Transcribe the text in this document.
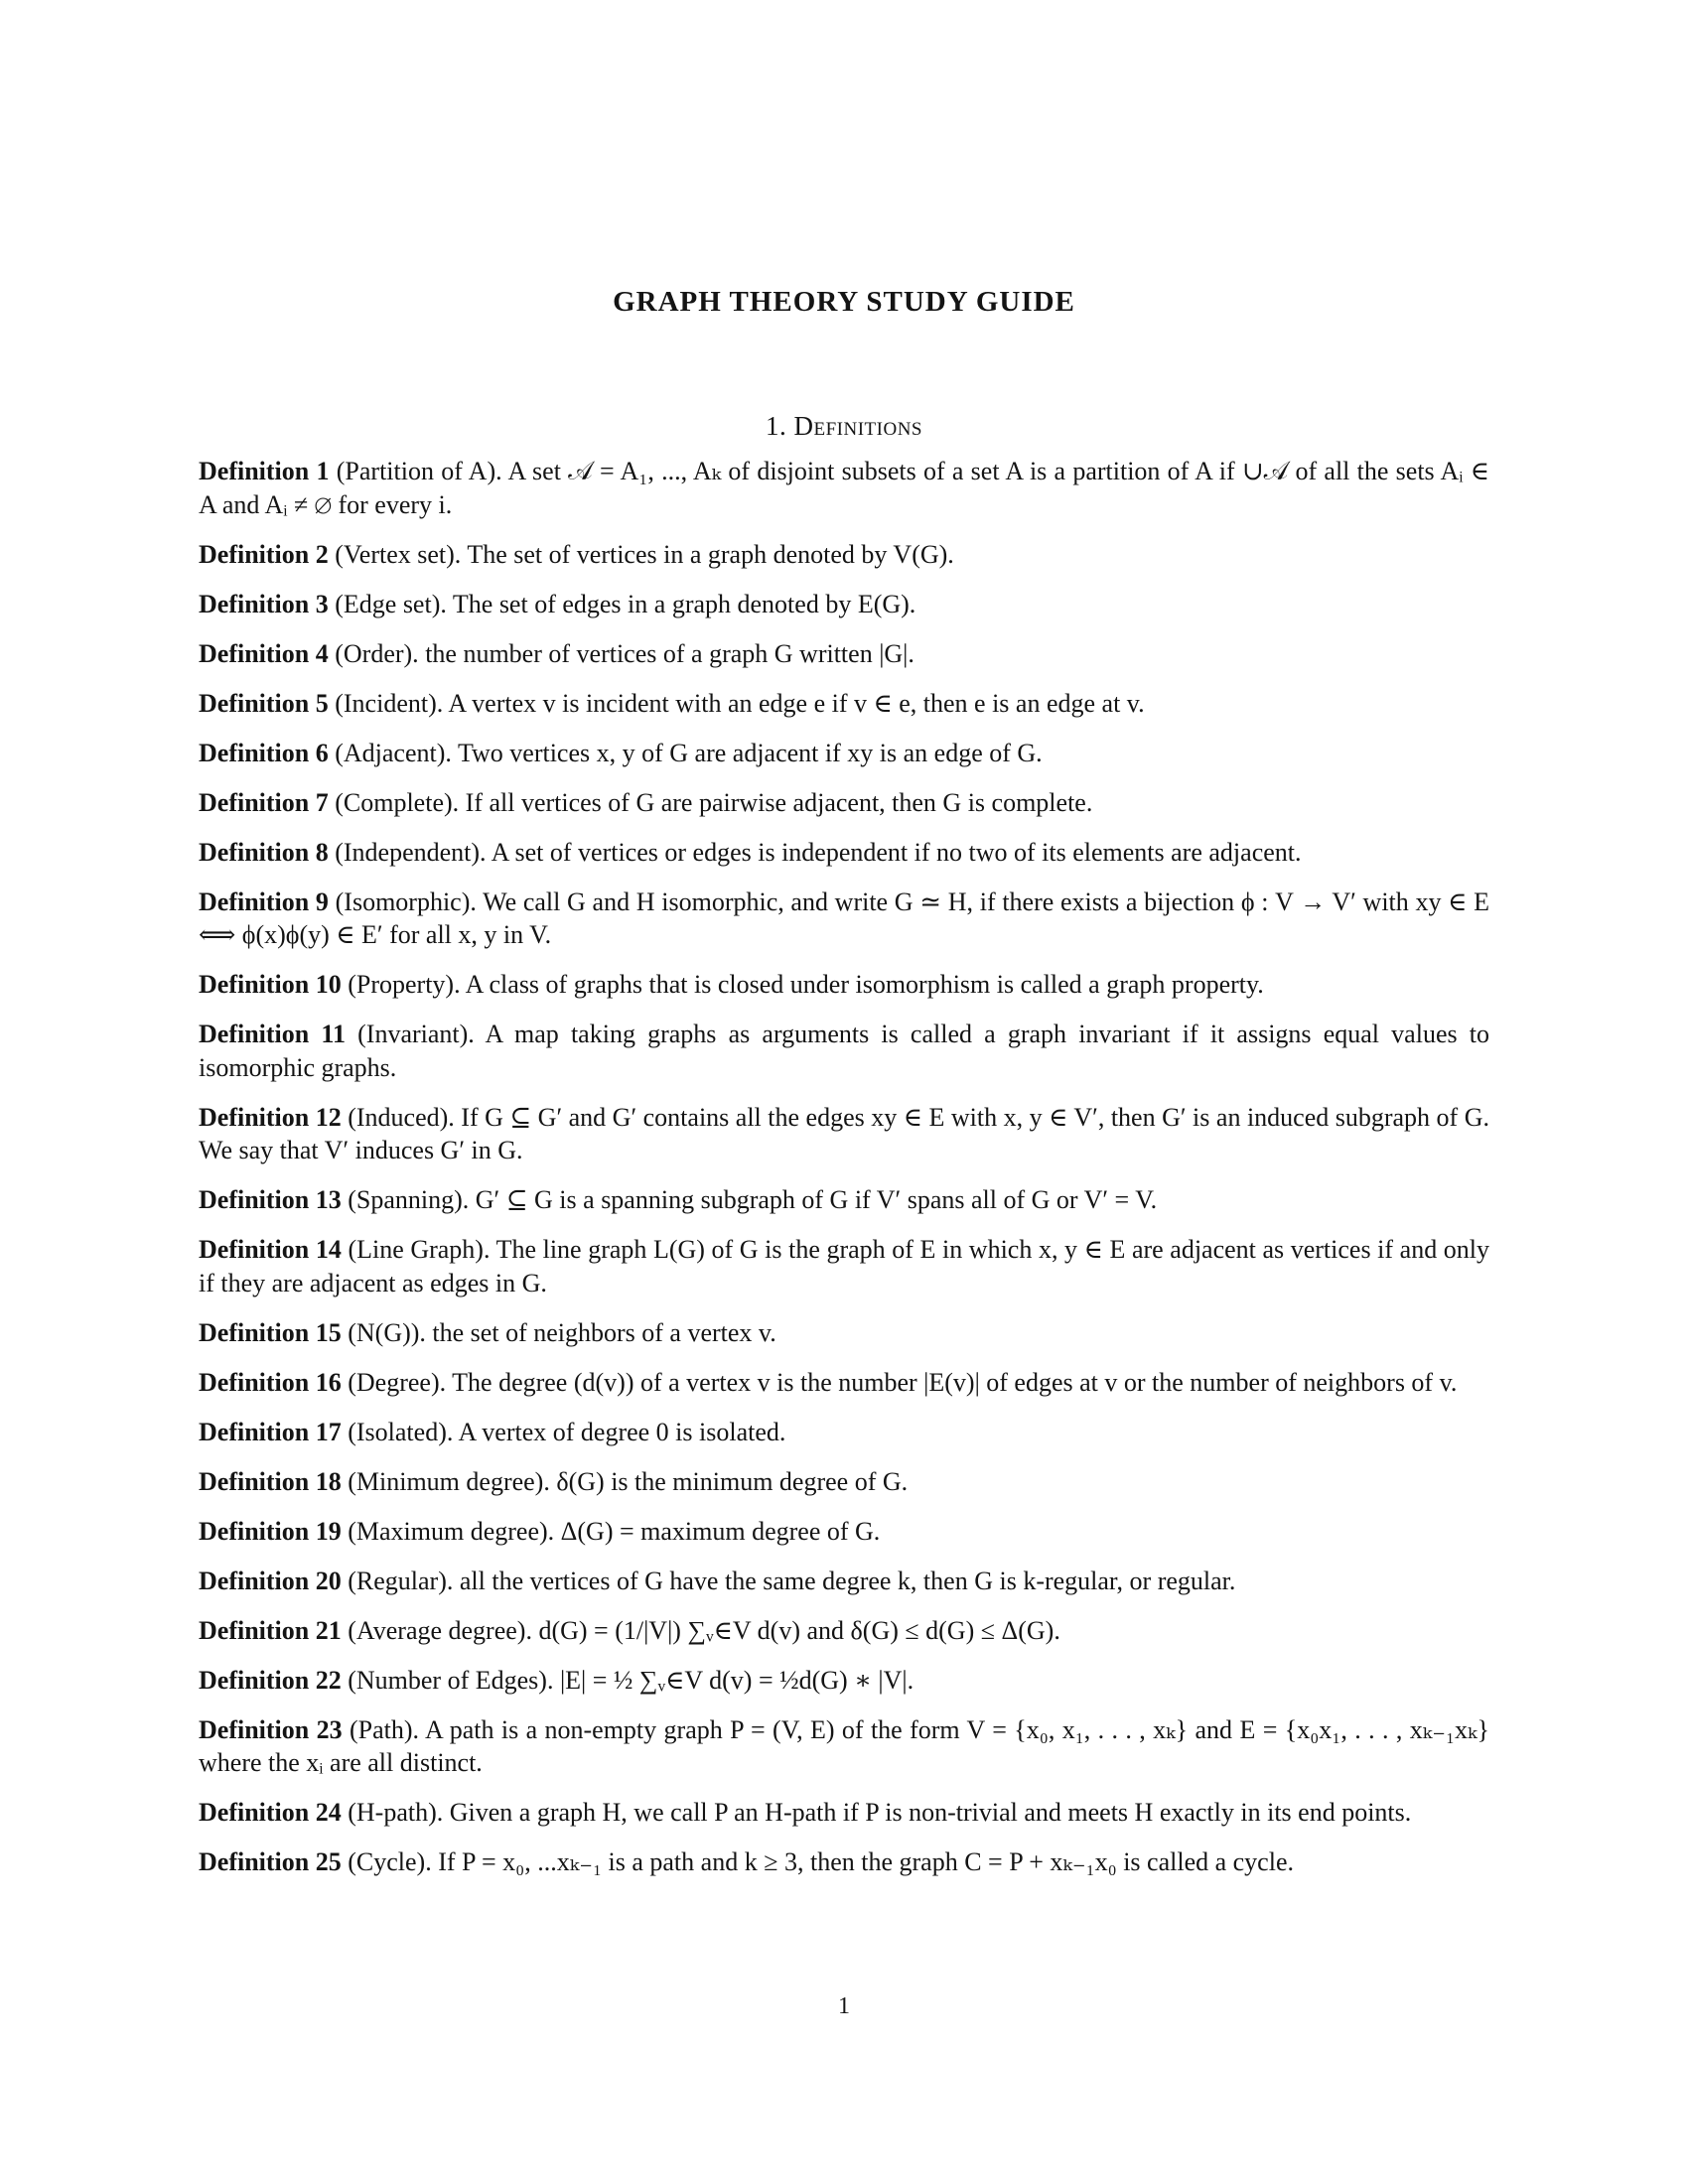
GRAPH THEORY STUDY GUIDE
1. Definitions

Definition 1 (Partition of A). A set 𝒜 = A₁, ..., Aₖ of disjoint subsets of a set A is a partition of A if ∪𝒜 of all the sets Aᵢ ∈ A and Aᵢ ≠ ∅ for every i.

Definition 2 (Vertex set). The set of vertices in a graph denoted by V(G).

Definition 3 (Edge set). The set of edges in a graph denoted by E(G).

Definition 4 (Order). the number of vertices of a graph G written |G|.

Definition 5 (Incident). A vertex v is incident with an edge e if v ∈ e, then e is an edge at v.

Definition 6 (Adjacent). Two vertices x, y of G are adjacent if xy is an edge of G.

Definition 7 (Complete). If all vertices of G are pairwise adjacent, then G is complete.

Definition 8 (Independent). A set of vertices or edges is independent if no two of its elements are adjacent.

Definition 9 (Isomorphic). We call G and H isomorphic, and write G ≃ H, if there exists a bijection ϕ : V → V′ with xy ∈ E ⟺ ϕ(x)ϕ(y) ∈ E′ for all x, y in V.

Definition 10 (Property). A class of graphs that is closed under isomorphism is called a graph property.

Definition 11 (Invariant). A map taking graphs as arguments is called a graph invariant if it assigns equal values to isomorphic graphs.

Definition 12 (Induced). If G ⊆ G′ and G′ contains all the edges xy ∈ E with x, y ∈ V′, then G′ is an induced subgraph of G. We say that V′ induces G′ in G.

Definition 13 (Spanning). G′ ⊆ G is a spanning subgraph of G if V′ spans all of G or V′ = V.

Definition 14 (Line Graph). The line graph L(G) of G is the graph of E in which x, y ∈ E are adjacent as vertices if and only if they are adjacent as edges in G.

Definition 15 (N(G)). the set of neighbors of a vertex v.

Definition 16 (Degree). The degree (d(v)) of a vertex v is the number |E(v)| of edges at v or the number of neighbors of v.

Definition 17 (Isolated). A vertex of degree 0 is isolated.

Definition 18 (Minimum degree). δ(G) is the minimum degree of G.

Definition 19 (Maximum degree). Δ(G) = maximum degree of G.

Definition 20 (Regular). all the vertices of G have the same degree k, then G is k-regular, or regular.

Definition 21 (Average degree). d(G) = (1/|V|) ∑ᵥ∈V d(v) and δ(G) ≤ d(G) ≤ Δ(G).

Definition 22 (Number of Edges). |E| = ½ ∑ᵥ∈V d(v) = ½d(G) ∗ |V|.

Definition 23 (Path). A path is a non-empty graph P = (V, E) of the form V = {x₀, x₁, . . . , xₖ} and E = {x₀x₁, . . . , xₖ₋₁xₖ} where the xᵢ are all distinct.

Definition 24 (H-path). Given a graph H, we call P an H-path if P is non-trivial and meets H exactly in its end points.

Definition 25 (Cycle). If P = x₀, ...xₖ₋₁ is a path and k ≥ 3, then the graph C = P + xₖ₋₁x₀ is called a cycle.

1
